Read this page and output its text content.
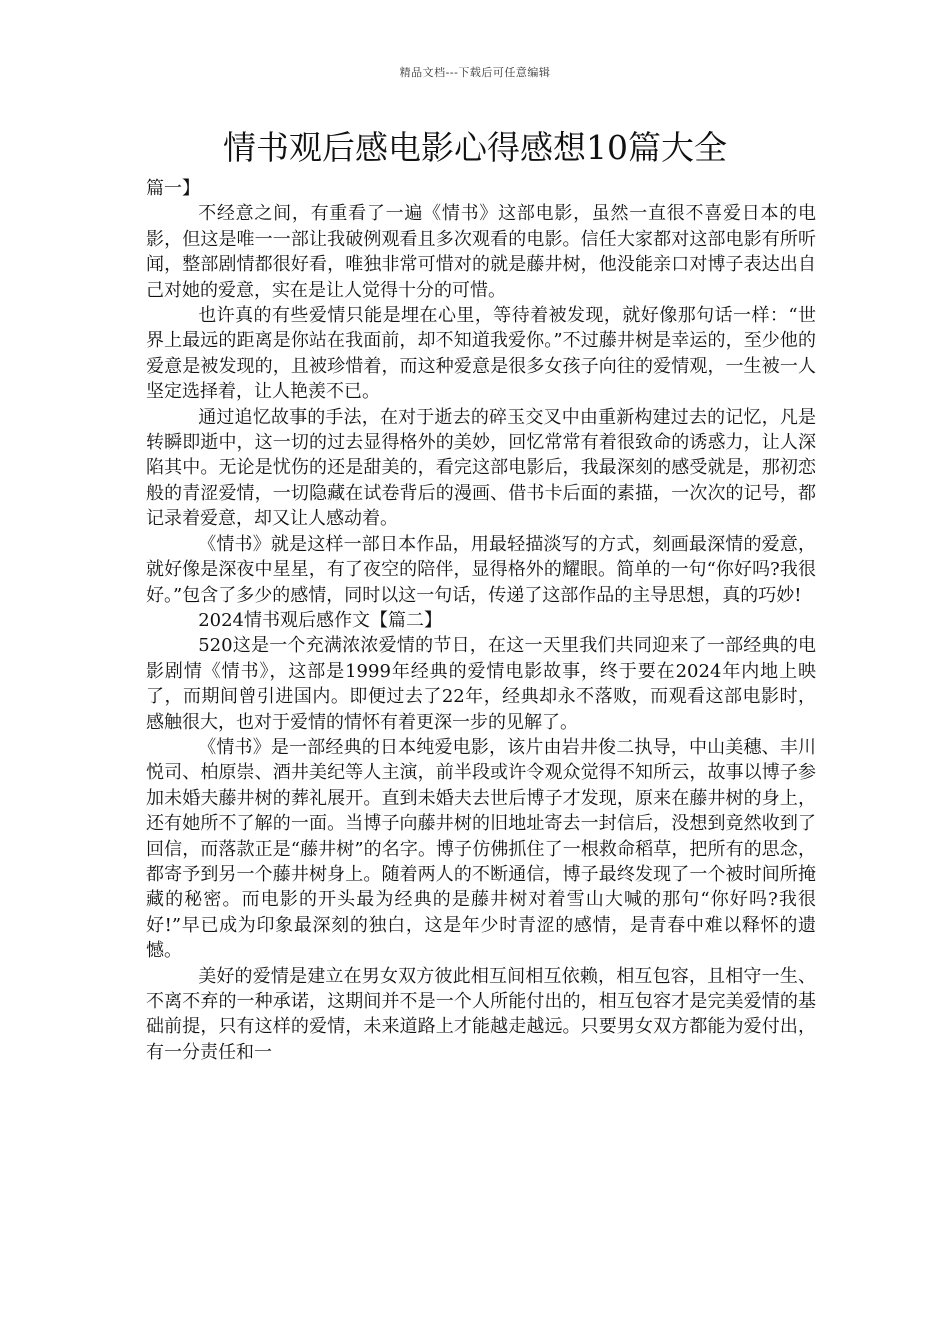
精品文档---下载后可任意编辑
情书观后感电影心得感想10篇大全

篇一】

不经意之间，有重看了一遍《情书》这部电影，虽然一直很不喜爱日本的电影，但这是唯一一部让我破例观看且多次观看的电影。信任大家都对这部电影有所听闻，整部剧情都很好看，唯独非常可惜对的就是藤井树，他没能亲口对博子表达出自己对她的爱意，实在是让人觉得十分的可惜。

也许真的有些爱情只能是埋在心里，等待着被发现，就好像那句话一样：“世界上最远的距离是你站在我面前，却不知道我爱你。”不过藤井树是幸运的，至少他的爱意是被发现的，且被珍惜着，而这种爱意是很多女孩子向往的爱情观，一生被一人坚定选择着，让人艳羡不已。

通过追忆故事的手法，在对于逝去的碎玉交叉中由重新构建过去的记忆，凡是转瞬即逝中，这一切的过去显得格外的美妙，回忆常常有着很致命的诱惑力，让人深陷其中。无论是忧伤的还是甜美的，看完这部电影后，我最深刻的感受就是，那初恋般的青涩爱情，一切隐藏在试卷背后的漫画、借书卡后面的素描，一次次的记号，都记录着爱意，却又让人感动着。

《情书》就是这样一部日本作品，用最轻描淡写的方式，刻画最深情的爱意，就好像是深夜中星星，有了夜空的陪伴，显得格外的耀眼。简单的一句“你好吗?我很好。”包含了多少的感情，同时以这一句话，传递了这部作品的主导思想，真的巧妙!

2024情书观后感作文【篇二】

520这是一个充满浓浓爱情的节日，在这一天里我们共同迎来了一部经典的电影剧情《情书》，这部是1999年经典的爱情电影故事，终于要在2024年内地上映了，而期间曾引进国内。即便过去了22年，经典却永不落败，而观看这部电影时，感触很大，也对于爱情的情怀有着更深一步的见解了。

《情书》是一部经典的日本纯爱电影，该片由岩井俊二执导，中山美穗、丰川悦司、柏原崇、酒井美纪等人主演，前半段或许令观众觉得不知所云，故事以博子参加未婚夫藤井树的葬礼展开。直到未婚夫去世后博子才发现，原来在藤井树的身上，还有她所不了解的一面。当博子向藤井树的旧地址寄去一封信后，没想到竟然收到了回信，而落款正是“藤井树”的名字。博子仿佛抓住了一根救命稻草，把所有的思念，都寄予到另一个藤井树身上。随着两人的不断通信，博子最终发现了一个被时间所掩藏的秘密。而电影的开头最为经典的是藤井树对着雪山大喊的那句“你好吗?我很好!”早已成为印象最深刻的独白，这是年少时青涩的感情，是青春中难以释怀的遗憾。

美好的爱情是建立在男女双方彼此相互间相互依赖，相互包容，且相守一生、不离不弃的一种承诺，这期间并不是一个人所能付出的，相互包容才是完美爱情的基础前提，只有这样的爱情，未来道路上才能越走越远。只要男女双方都能为爱付出，有一分责任和一
